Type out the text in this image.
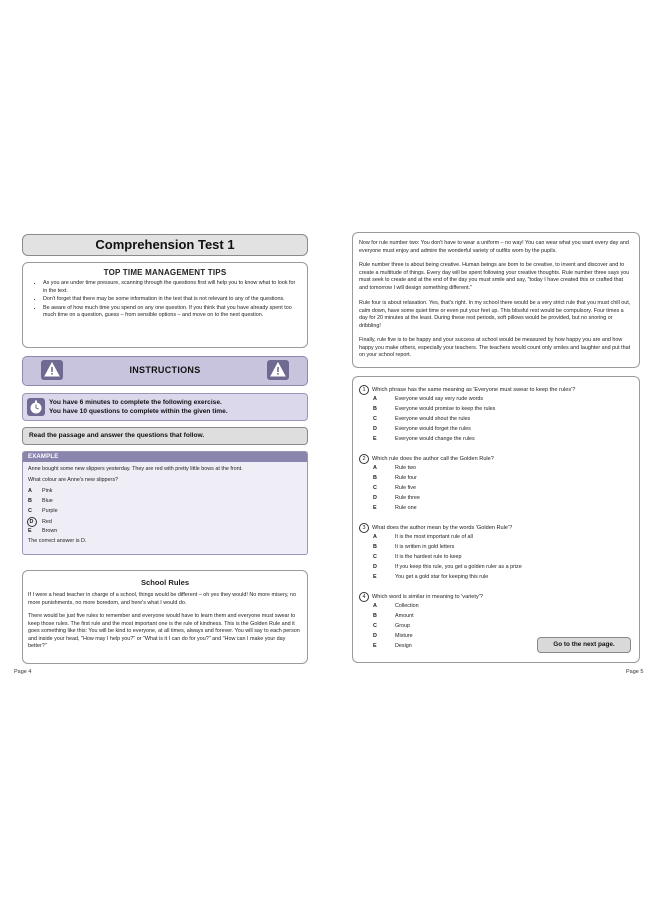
Comprehension Test 1
TOP TIME MANAGEMENT TIPS
• As you are under time pressure, scanning through the questions first will help you to know what to look for in the text.
• Don't forget that there may be some information in the text that is not relevant to any of the questions.
• Be aware of how much time you spend on any one question. If you think that you have already spent too much time on a question, guess – from sensible options – and move on to the next question.
INSTRUCTIONS
You have 6 minutes to complete the following exercise.
You have 10 questions to complete within the given time.
Read the passage and answer the questions that follow.
EXAMPLE
Anne bought some new slippers yesterday. They are red with pretty little bows at the front.
What colour are Anne's new slippers?
A Pink
B Blue
C Purple
D Red
E Brown
The correct answer is D.
School Rules
If I were a head teacher in charge of a school, things would be different – oh yes they would! No more misery, no more punishments, no more boredom, and here's what I would do.
There would be just five rules to remember and everyone would have to learn them and everyone must swear to keep those rules. The first rule and the most important one is the rule of kindness. This is the Golden Rule and it goes something like this: You will be kind to everyone, at all times, always and forever. You will say to each person and inside your head, "How may I help you?" or "What is it I can do for you?" and "How can I make your day better?"
Page 4
Now for rule number two: You don't have to wear a uniform – no way! You can wear what you want every day and everyone must enjoy and admire the wonderful variety of outfits worn by the pupils.
Rule number three is about being creative. Human beings are born to be creative, to invent and discover and to create a multitude of things. Every day will be spent following your creative thoughts. Rule number three says you must seek to create and at the end of the day you must smile and say, "today I have created this or crafted that and tomorrow I will design something different."
Rule four is about relaxation. Yes, that's right. In my school there would be a very strict rule that you must chill out, calm down, have some quiet time or even put your feet up. This blissful rest would be compulsory. Four times a day for 20 minutes at the least. During these rest periods, soft pillows would be provided, but no snoring or dribbling!
Finally, rule five is to be happy and your success at school would be measured by how happy you are and how happy you make others, especially your teachers. The teachers would count only smiles and laughter and put that on your school report.
1 Which phrase has the same meaning as 'Everyone must swear to keep the rules'?
A	Everyone would say very rude words
B	Everyone would promise to keep the rules
C	Everyone would shout the rules
D	Everyone would forget the rules
E	Everyone would change the rules
2 Which rule does the author call the Golden Rule?
A	Rule two
B	Rule four
C	Rule five
D	Rule three
E	Rule one
3 What does the author mean by the words 'Golden Rule'?
A	It is the most important rule of all
B	It is written in gold letters
C	It is the hardest rule to keep
D	If you keep this rule, you get a golden ruler as a prize
E	You get a gold star for keeping this rule
4 Which word is similar in meaning to 'variety'?
A	Collection
B	Amount
C	Group
D	Mixture
E	Design	Go to the next page.
Page 5
